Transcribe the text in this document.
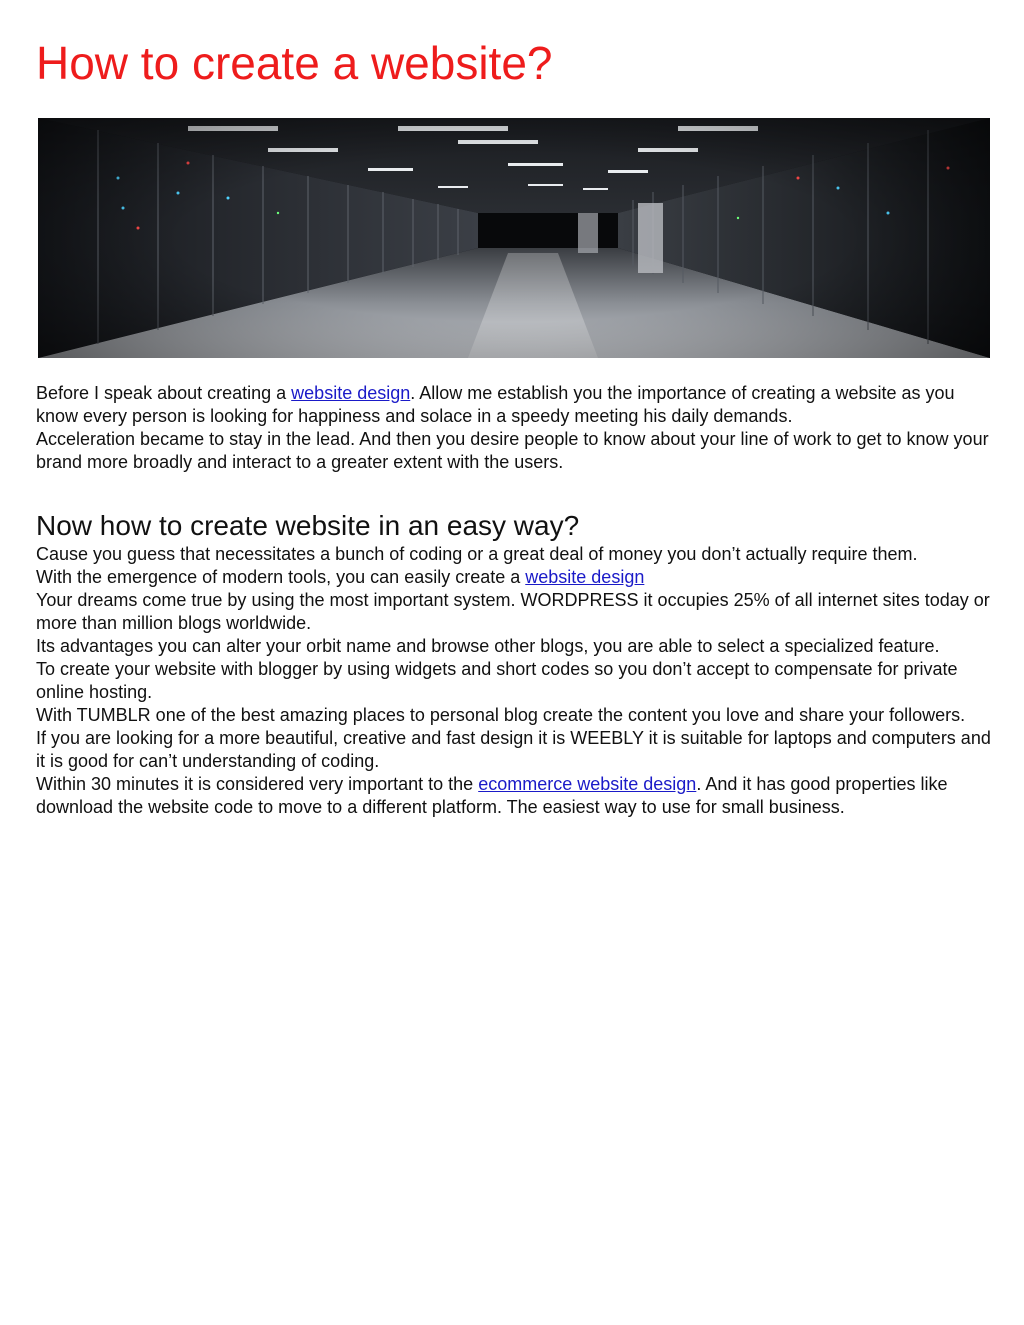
How to create a website?

Before I speak about creating a website design. Allow me establish you the importance of creating a website as you know every person is looking for happiness and solace in a speedy meeting his daily demands.

Acceleration became to stay in the lead. And then you desire people to know about your line of work to get to know your brand more broadly and interact to a greater extent with the users.

Now how to create website in an easy way?

Cause you guess that necessitates a bunch of coding or a great deal of money you don’t actually require them.

With the emergence of modern tools, you can easily create a website design

Your dreams come true by using the most important system. WORDPRESS it occupies 25% of all internet sites today or more than million blogs worldwide.

Its advantages you can alter your orbit name and browse other blogs, you are able to select a specialized feature.

To create your website with blogger by using widgets and short codes so you don’t accept to compensate for private online hosting.

With TUMBLR one of the best amazing places to personal blog create the content you love and share your followers.

If you are looking for a more beautiful, creative and fast design it is WEEBLY it is suitable for laptops and computers and it is good for can’t understanding of coding.

Within 30 minutes it is considered very important to the ecommerce website design. And it has good properties like download the website code to move to a different platform. The easiest way to use for small business.
